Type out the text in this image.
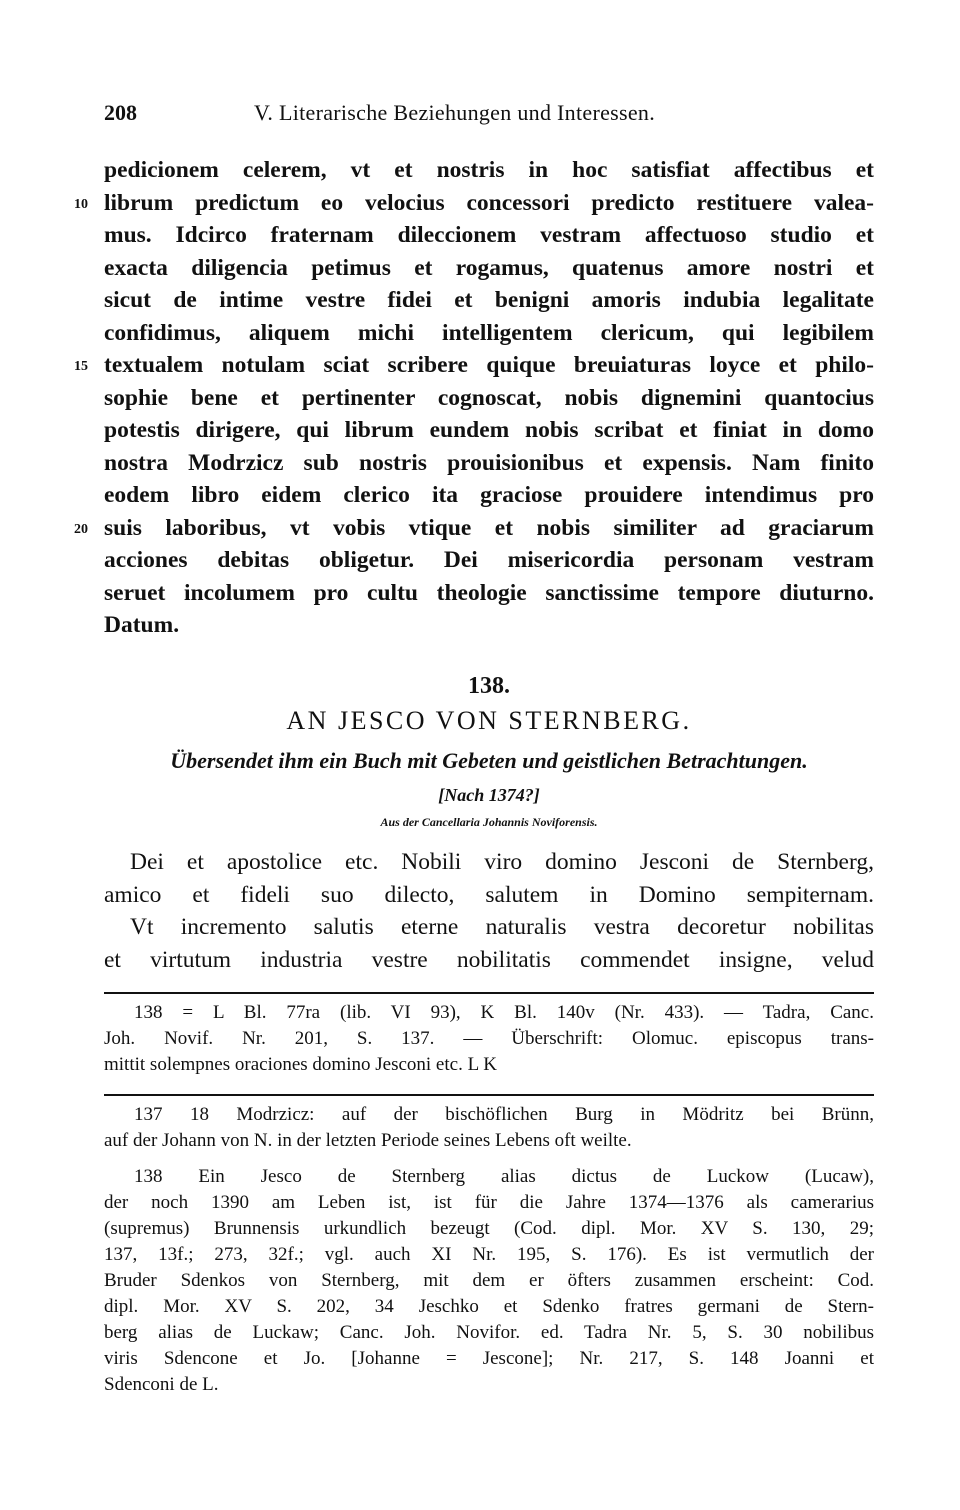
208	V. Literarische Beziehungen und Interessen.
pedicionem celerem, vt et nostris in hoc satisfiat affectibus et
10 librum predictum eo velocius concessori predicto restituere valea-
mus. Idcirco fraternam dileccionem vestram affectuoso studio et
exacta diligencia petimus et rogamus, quatenus amore nostri et
sicut de intime vestre fidei et benigni amoris indubia legalitate
confidimus, aliquem michi intelligentem clericum, qui legibilem
15 textualem notulam sciat scribere quique breuiaturas loyce et philo-
sophie bene et pertinenter cognoscat, nobis dignemini quantocius
potestis dirigere, qui librum eundem nobis scribat et finiat in domo
nostra Modrzicz sub nostris prouisionibus et expensis. Nam finito
eodem libro eidem clerico ita graciose prouidere intendimus pro
20 suis laboribus, vt vobis vtique et nobis similiter ad graciarum
acciones debitas obligetur. Dei misericordia personam vestram
seruet incolumem pro cultu theologie sanctissime tempore diuturno.
Datum.
138.
AN JESCO VON STERNBERG.
Übersendet ihm ein Buch mit Gebeten und geistlichen Betrachtungen.
[Nach 1374?]
Aus der Cancellaria Johannis Noviforensis.
Dei et apostolice etc. Nobili viro domino Jesconi de Sternberg,
amico et fideli suo dilecto, salutem in Domino sempiternam.
Vt incremento salutis eterne naturalis vestra decoretur nobilitas
et virtutum industria vestre nobilitatis commendet insigne, velud
138 = L Bl. 77ra (lib. VI 93), K Bl. 140v (Nr. 433). — Tadra, Canc.
Joh. Novif. Nr. 201, S. 137. — Überschrift: Olomuc. episcopus trans-
mittit solempnes oraciones domino Jesconi etc. L K
137 18 Modrzicz: auf der bischöflichen Burg in Mödritz bei Brünn,
auf der Johann von N. in der letzten Periode seines Lebens oft weilte.
138 Ein Jesco de Sternberg alias dictus de Luckow (Lucaw),
der noch 1390 am Leben ist, ist für die Jahre 1374—1376 als camerarius
(supremus) Brunnensis urkundlich bezeugt (Cod. dipl. Mor. XV S. 130, 29;
137, 13f.; 273, 32f.; vgl. auch XI Nr. 195, S. 176). Es ist vermutlich der
Bruder Sdenkos von Sternberg, mit dem er öfters zusammen erscheint: Cod.
dipl. Mor. XV S. 202, 34 Jeschko et Sdenko fratres germani de Stern-
berg alias de Luckaw; Canc. Joh. Novifor. ed. Tadra Nr. 5, S. 30 nobilibus
viris Sdencone et Jo. [Johanne = Jescone]; Nr. 217, S. 148 Joanni et
Sdenconi de L.
